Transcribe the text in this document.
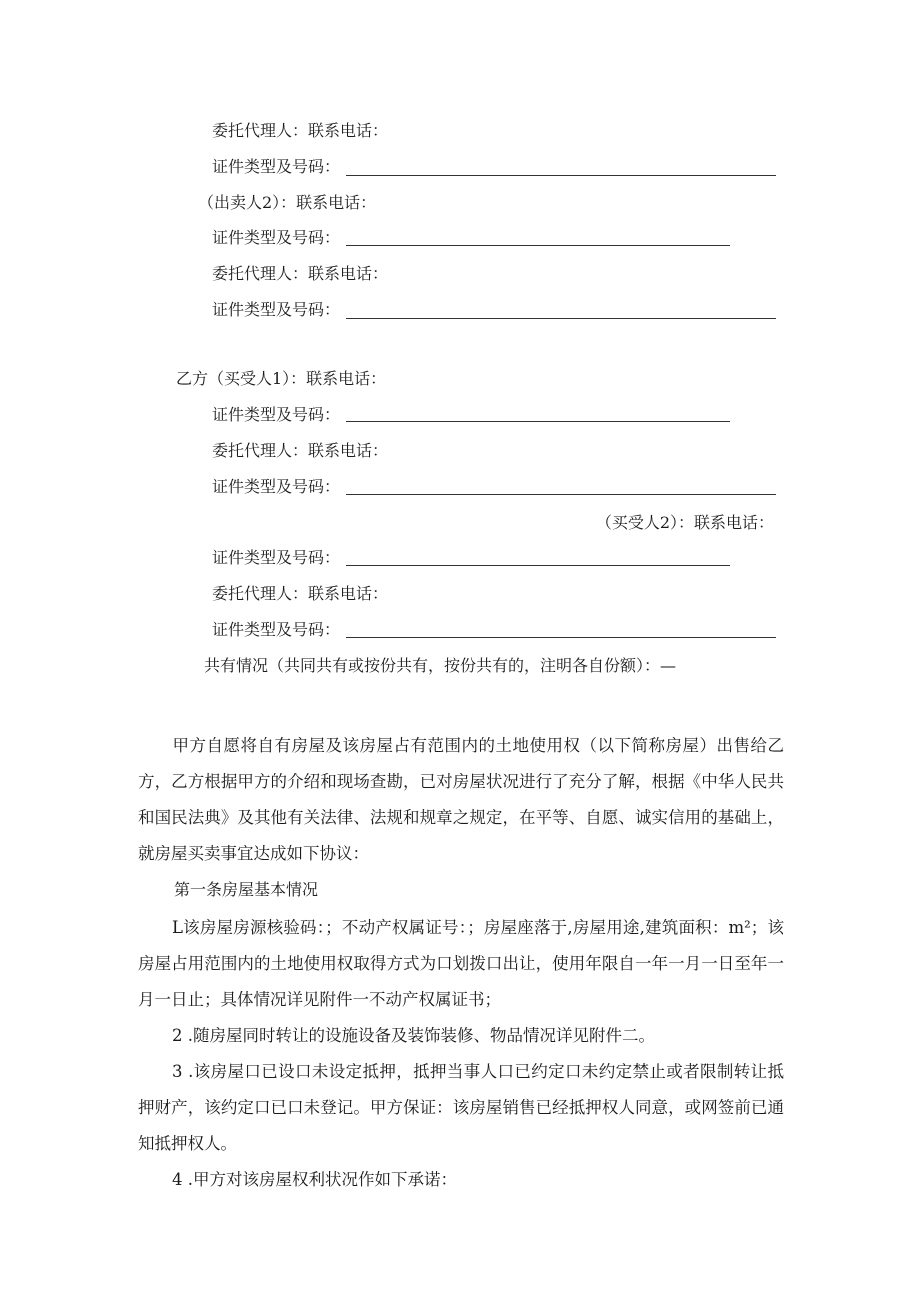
委托代理人：联系电话：
证件类型及号码：
（出卖人2）：联系电话：
证件类型及号码：
委托代理人：联系电话：
证件类型及号码：
乙方（买受人1）：联系电话：
证件类型及号码：
委托代理人：联系电话：
证件类型及号码：
（买受人2）：联系电话：
证件类型及号码：
委托代理人：联系电话：
证件类型及号码：
共有情况（共同共有或按份共有，按份共有的，注明各自份额）：—
甲方自愿将自有房屋及该房屋占有范围内的土地使用权（以下简称房屋）出售给乙方，乙方根据甲方的介绍和现场查勘，已对房屋状况进行了充分了解，根据《中华人民共和国民法典》及其他有关法律、法规和规章之规定，在平等、自愿、诚实信用的基础上，就房屋买卖事宜达成如下协议：
第一条房屋基本情况
L该房屋房源核验码：；不动产权属证号：；房屋座落于,房屋用途,建筑面积：m²；该房屋占用范围内的土地使用权取得方式为口划拨口出让，使用年限自一年一月一日至年一月一日止；具体情况详见附件一不动产权属证书；
2 .随房屋同时转让的设施设备及装饰装修、物品情况详见附件二。
3 .该房屋口已设口未设定抵押，抵押当事人口已约定口未约定禁止或者限制转让抵押财产，该约定口已口未登记。甲方保证：该房屋销售已经抵押权人同意，或网签前已通知抵押权人。
4 .甲方对该房屋权利状况作如下承诺：
